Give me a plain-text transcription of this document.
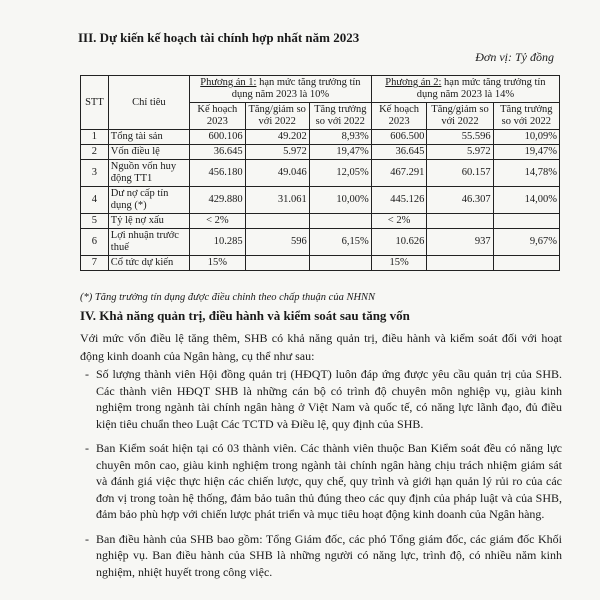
III. Dự kiến kế hoạch tài chính hợp nhất năm 2023
Đơn vị: Tỷ đồng
STT	Chỉ tiêu	Phương án 1: hạn mức tăng trưởng tín dụng năm 2023 là 10%			Phương án 2: hạn mức tăng trưởng tín dụng năm 2023 là 14%		
		Kế hoạch 2023	Tăng/giảm so với 2022	Tăng trưởng so với 2022	Kế hoạch 2023	Tăng/giảm so với 2022	Tăng trưởng so với 2022
1	Tổng tài sản	600.106	49.202	8,93%	606.500	55.596	10,09%
2	Vốn điều lệ	36.645	5.972	19,47%	36.645	5.972	19,47%
3	Nguồn vốn huy động TT1	456.180	49.046	12,05%	467.291	60.157	14,78%
4	Dư nợ cấp tín dụng (*)	429.880	31.061	10,00%	445.126	46.307	14,00%
5	Tỷ lệ nợ xấu	< 2%			< 2%		
6	Lợi nhuận trước thuế	10.285	596	6,15%	10.626	937	9,67%
7	Cổ tức dự kiến	15%			15%		
(*) Tăng trưởng tín dụng được điều chỉnh theo chấp thuận của NHNN
IV. Khả năng quản trị, điều hành và kiểm soát sau tăng vốn
Với mức vốn điều lệ tăng thêm, SHB có khả năng quản trị, điều hành và kiểm soát đối với hoạt động kinh doanh của Ngân hàng, cụ thể như sau:
- Số lượng thành viên Hội đồng quản trị (HĐQT) luôn đáp ứng được yêu cầu quản trị của SHB. Các thành viên HĐQT SHB là những cán bộ có trình độ chuyên môn nghiệp vụ, giàu kinh nghiệm trong ngành tài chính ngân hàng ở Việt Nam và quốc tế, có năng lực lãnh đạo, đủ điều kiện tiêu chuẩn theo Luật Các TCTD và Điều lệ, quy định của SHB.
- Ban Kiểm soát hiện tại có 03 thành viên. Các thành viên thuộc Ban Kiểm soát đều có năng lực chuyên môn cao, giàu kinh nghiệm trong ngành tài chính ngân hàng chịu trách nhiệm giám sát và đánh giá việc thực hiện các chiến lược, quy chế, quy trình và giới hạn quản lý rủi ro của các đơn vị trong toàn hệ thống, đảm bảo tuân thủ đúng theo các quy định của pháp luật và của SHB, đảm bảo phù hợp với chiến lược phát triển và mục tiêu hoạt động kinh doanh của Ngân hàng.
- Ban điều hành của SHB bao gồm: Tổng Giám đốc, các phó Tổng giám đốc, các giám đốc Khối nghiệp vụ. Ban điều hành của SHB là những người có năng lực, trình độ, có nhiều năm kinh nghiệm, nhiệt huyết trong công việc.
